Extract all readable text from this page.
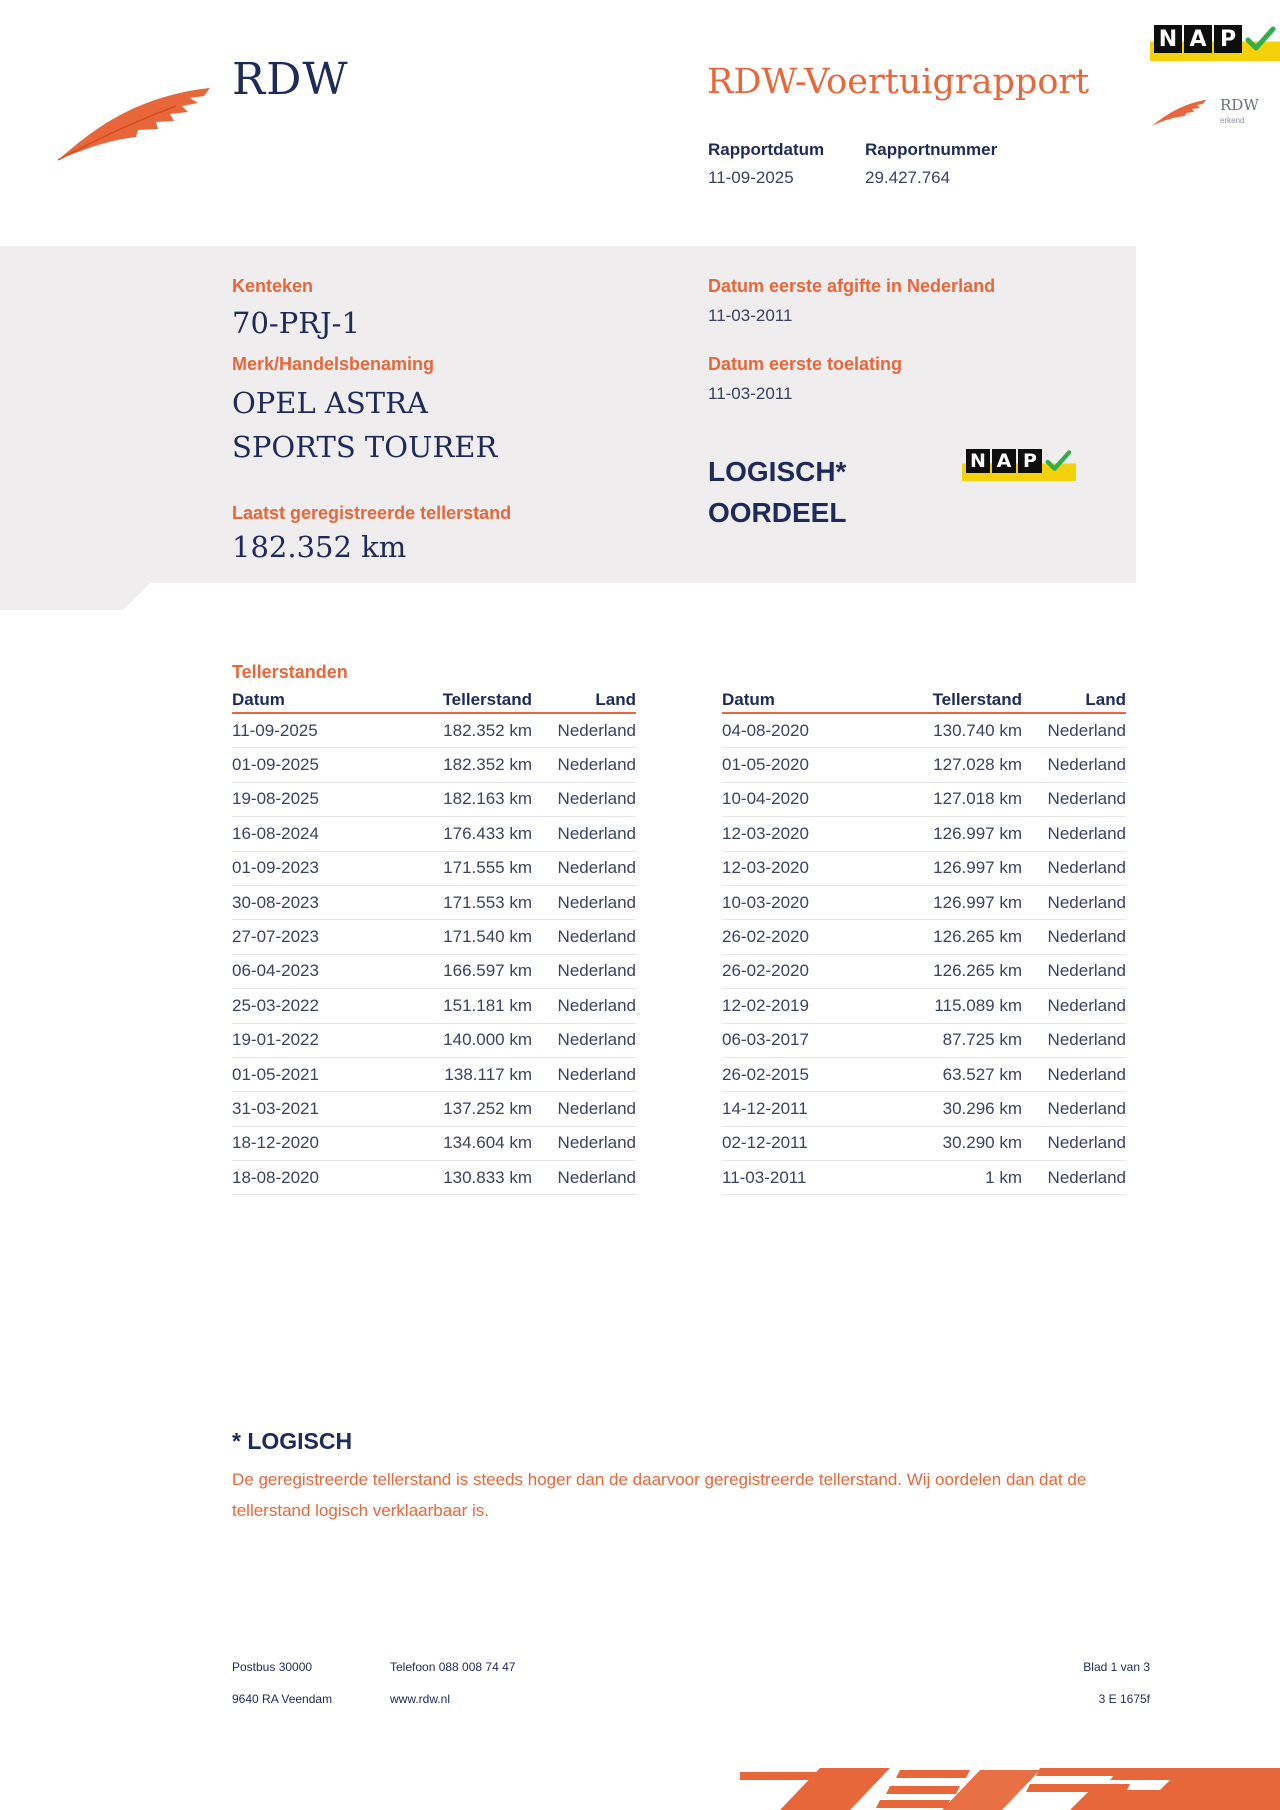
RDW	RDW-Voertuigrapport
Rapportdatum
11-09-2025
Rapportnummer
29.427.764
N A P
RDW
erkend
Kenteken
70-PRJ-1
Merk/Handelsbenaming
OPEL ASTRA
SPORTS TOURER
Laatst geregistreerde tellerstand
182.352 km
Datum eerste afgifte in Nederland
11-03-2011
Datum eerste toelating
11-03-2011
LOGISCH*
OORDEEL
N A P
Tellerstanden
Datum	Tellerstand	Land
11-09-2025	182.352 km	Nederland
01-09-2025	182.352 km	Nederland
19-08-2025	182.163 km	Nederland
16-08-2024	176.433 km	Nederland
01-09-2023	171.555 km	Nederland
30-08-2023	171.553 km	Nederland
27-07-2023	171.540 km	Nederland
06-04-2023	166.597 km	Nederland
25-03-2022	151.181 km	Nederland
19-01-2022	140.000 km	Nederland
01-05-2021	138.117 km	Nederland
31-03-2021	137.252 km	Nederland
18-12-2020	134.604 km	Nederland
18-08-2020	130.833 km	Nederland
Datum	Tellerstand	Land
04-08-2020	130.740 km	Nederland
01-05-2020	127.028 km	Nederland
10-04-2020	127.018 km	Nederland
12-03-2020	126.997 km	Nederland
12-03-2020	126.997 km	Nederland
10-03-2020	126.997 km	Nederland
26-02-2020	126.265 km	Nederland
26-02-2020	126.265 km	Nederland
12-02-2019	115.089 km	Nederland
06-03-2017	87.725 km	Nederland
26-02-2015	63.527 km	Nederland
14-12-2011	30.296 km	Nederland
02-12-2011	30.290 km	Nederland
11-03-2011	1 km	Nederland
* LOGISCH
De geregistreerde tellerstand is steeds hoger dan de daarvoor geregistreerde tellerstand. Wij oordelen dan dat de tellerstand logisch verklaarbaar is.
Postbus 30000
9640 RA Veendam
Telefoon 088 008 74 47
www.rdw.nl
Blad 1 van 3
3 E 1675f
